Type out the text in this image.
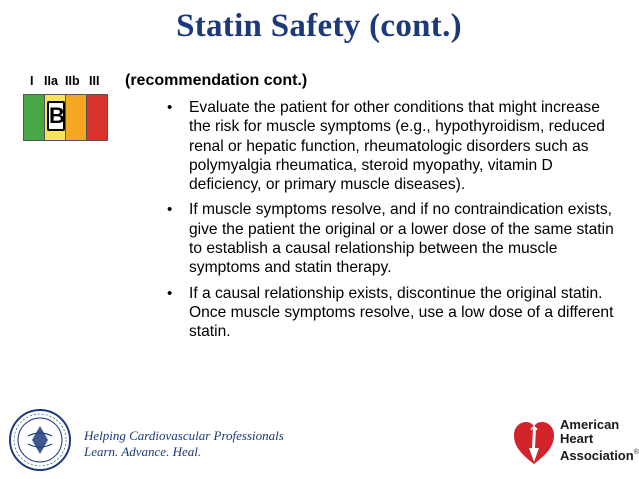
Statin Safety (cont.)
I IIa IIb III
B
(recommendation cont.)
• Evaluate the patient for other conditions that might increase the risk for muscle symptoms (e.g., hypothyroidism, reduced renal or hepatic function, rheumatologic disorders such as polymyalgia rheumatica, steroid myopathy, vitamin D deficiency, or primary muscle diseases).
• If muscle symptoms resolve, and if no contraindication exists, give the patient the original or a lower dose of the same statin to establish a causal relationship between the muscle symptoms and statin therapy.
• If a causal relationship exists, discontinue the original statin. Once muscle symptoms resolve, use a low dose of a different statin.
Helping Cardiovascular Professionals
Learn. Advance. Heal.
American
Heart
Association®
